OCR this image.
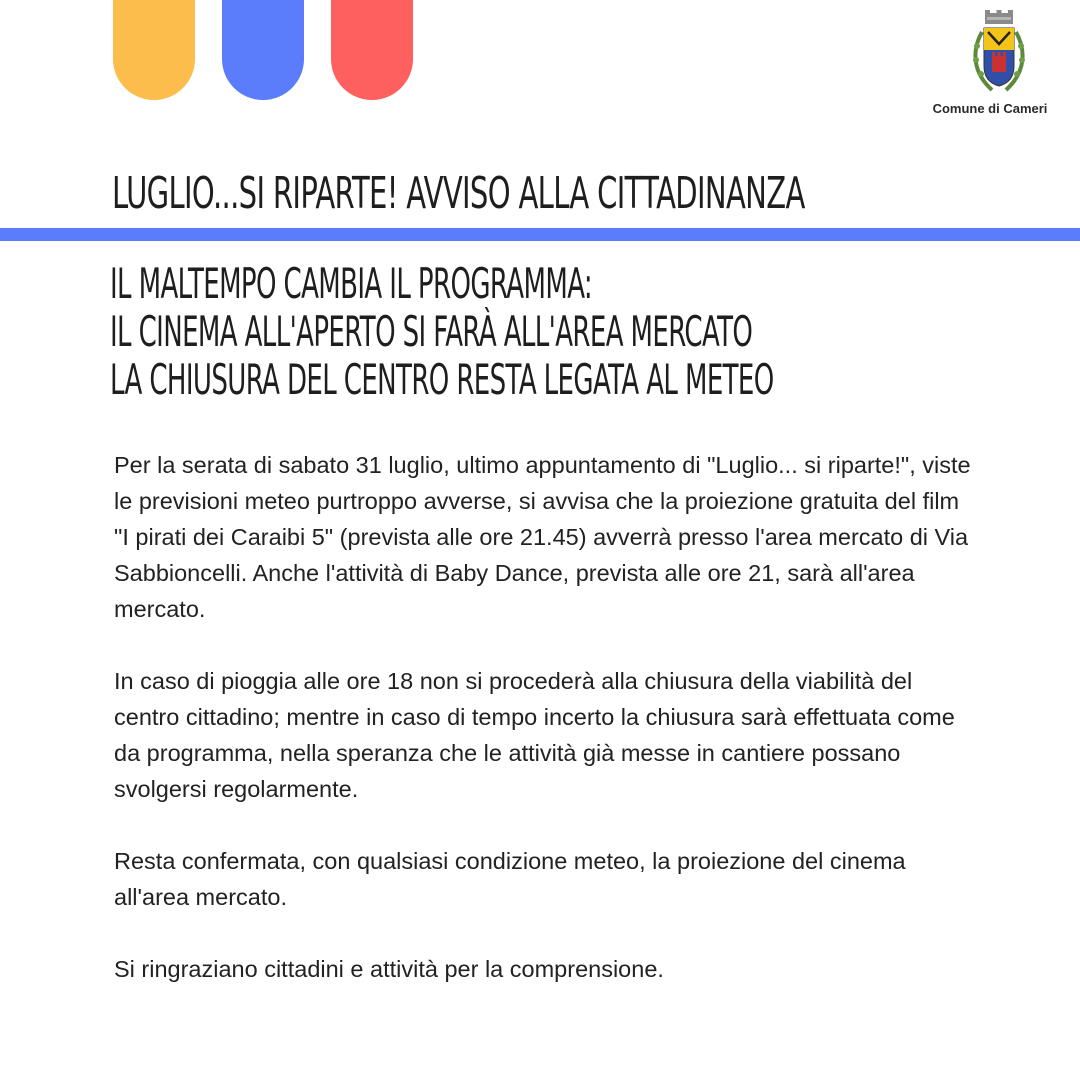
Comune di Cameri
LUGLIO...SI RIPARTE! AVVISO ALLA CITTADINANZA
IL MALTEMPO CAMBIA IL PROGRAMMA:
IL CINEMA ALL'APERTO SI FARÀ ALL'AREA MERCATO
LA CHIUSURA DEL CENTRO RESTA LEGATA AL METEO

Per la serata di sabato 31 luglio, ultimo appuntamento di "Luglio... si riparte!", viste le previsioni meteo purtroppo avverse, si avvisa che la proiezione gratuita del film "I pirati dei Caraibi 5" (prevista alle ore 21.45) avverrà presso l'area mercato di Via Sabbioncelli. Anche l'attività di Baby Dance, prevista alle ore 21, sarà all'area mercato.

In caso di pioggia alle ore 18 non si procederà alla chiusura della viabilità del centro cittadino; mentre in caso di tempo incerto la chiusura sarà effettuata come da programma, nella speranza che le attività già messe in cantiere possano svolgersi regolarmente.

Resta confermata, con qualsiasi condizione meteo, la proiezione del cinema all'area mercato.

Si ringraziano cittadini e attività per la comprensione.
